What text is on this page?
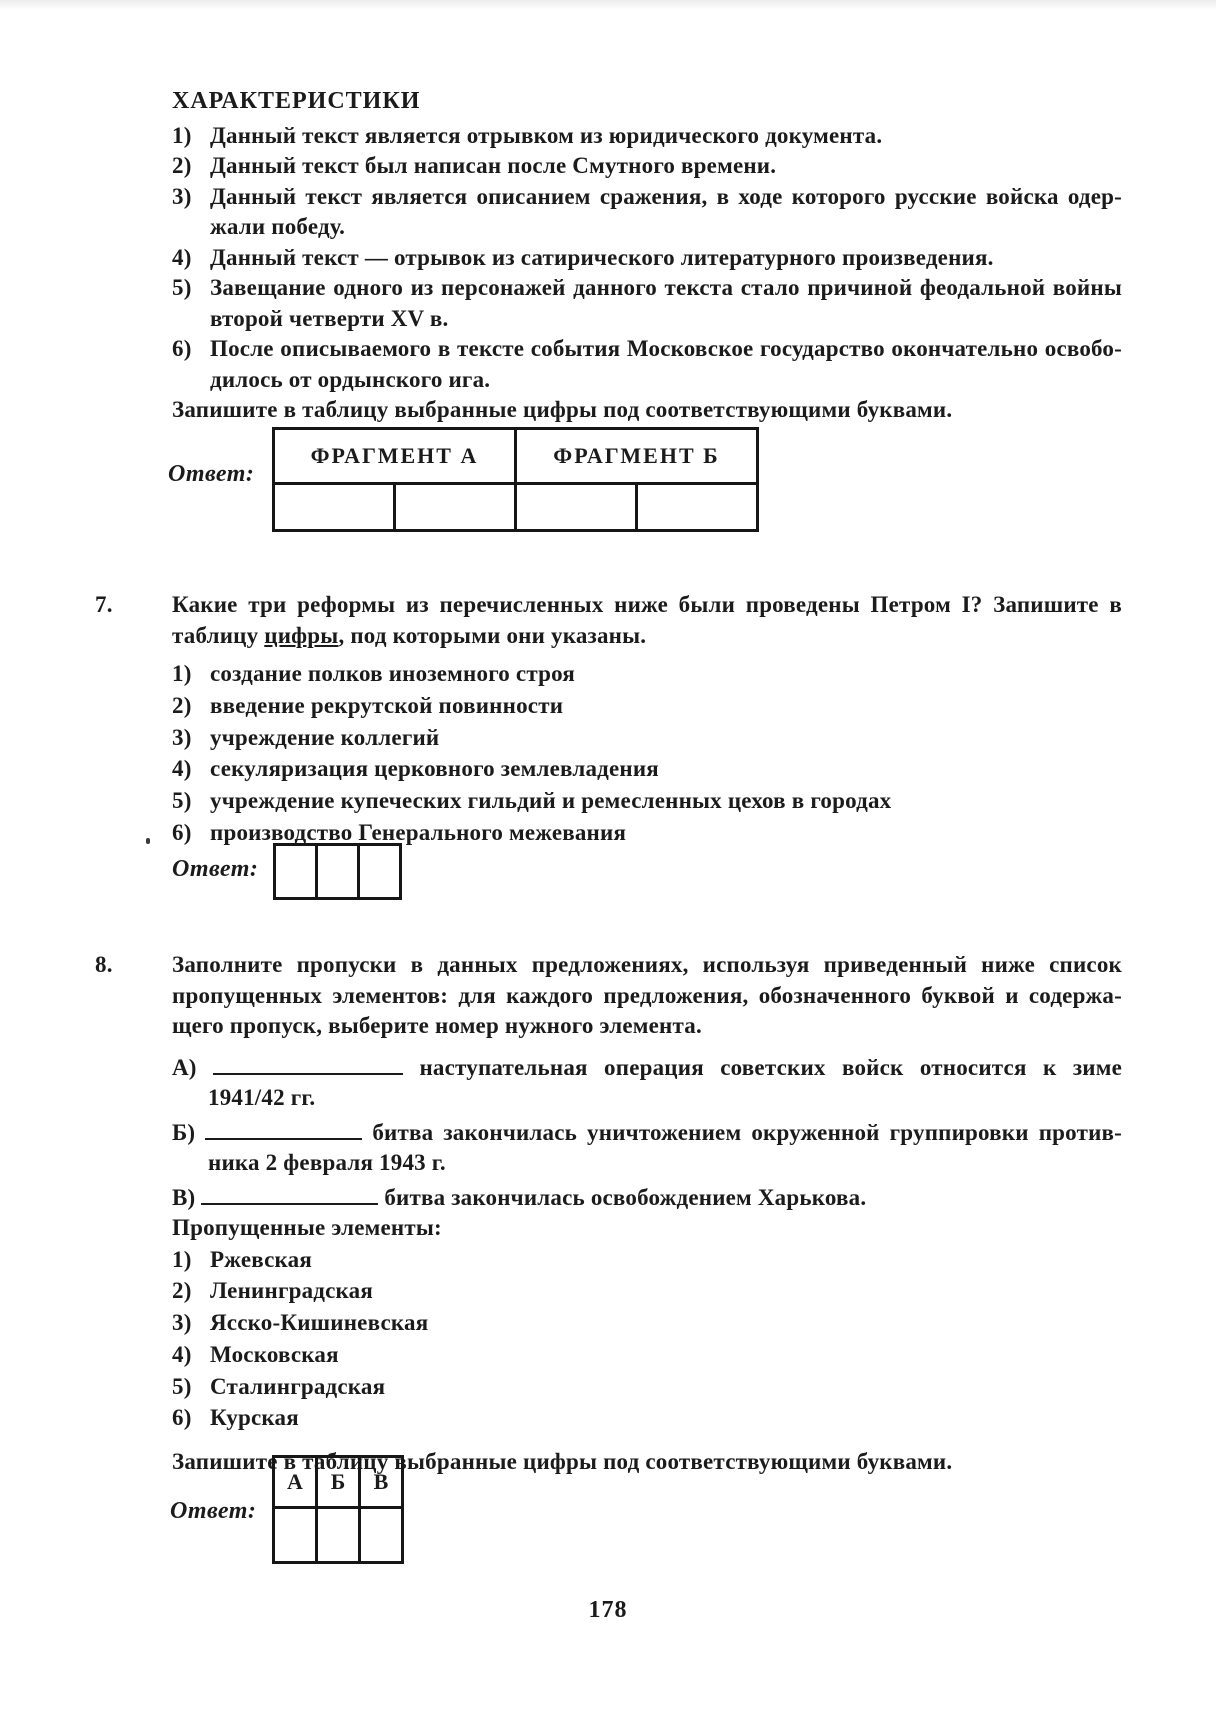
ХАРАКТЕРИСТИКИ
1) Данный текст является отрывком из юридического документа.
2) Данный текст был написан после Смутного времени.
3) Данный текст является описанием сражения, в ходе которого русские войска одер-
жали победу.
4) Данный текст — отрывок из сатирического литературного произведения.
5) Завещание одного из персонажей данного текста стало причиной феодальной войны
второй четверти XV в.
6) После описываемого в тексте события Московское государство окончательно освобо-
дилось от ордынского ига.
Запишите в таблицу выбранные цифры под соответствующими буквами.
Ответ:
ФРАГМЕНТ А		ФРАГМЕНТ Б	

7.	Какие три реформы из перечисленных ниже были проведены Петром I? Запишите в
таблицу цифры, под которыми они указаны.
1) создание полков иноземного строя
2) введение рекрутской повинности
3) учреждение коллегий
4) секуляризация церковного землевладения
5) учреждение купеческих гильдий и ремесленных цехов в городах
6) производство Генерального межевания
Ответ:

8.	Заполните пропуски в данных предложениях, используя приведенный ниже список
пропущенных элементов: для каждого предложения, обозначенного буквой и содержа-
щего пропуск, выберите номер нужного элемента.
А)	наступательная операция советских войск относится к зиме
1941/42 гг.
Б)	битва закончилась уничтожением окруженной группировки против-
ника 2 февраля 1943 г.
В)	битва закончилась освобождением Харькова.
Пропущенные элементы:
1) Ржевская
2) Ленинградская
3) Ясско-Кишиневская
4) Московская
5) Сталинградская
6) Курская
Запишите в таблицу выбранные цифры под соответствующими буквами.
Ответ:
А	Б	В

178
